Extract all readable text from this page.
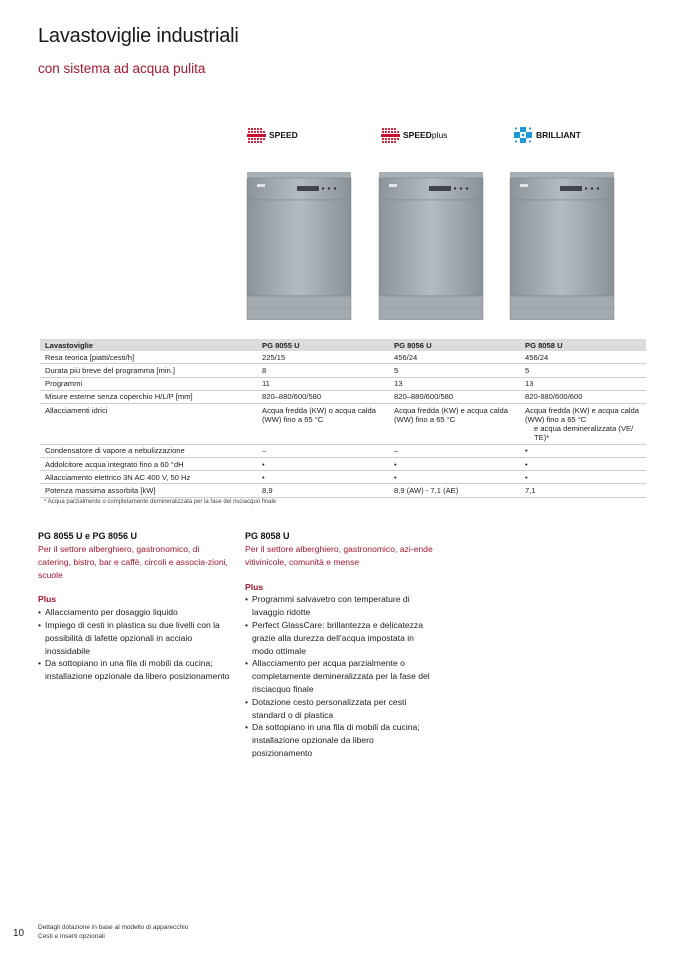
Lavastoviglie industriali
con sistema ad acqua pulita
SPEED	SPEED plus	BRILLIANT
Lavastoviglie	PG 8055 U	PG 8056 U	PG 8058 U
Resa teorica [piatti/cesti/h]	225/15	456/24	456/24
Durata più breve del programma [min.]	8	5	5
Programmi	11	13	13
Misure esterne senza coperchio H/L/P [mm]	820–880/600/580	820–880/600/580	820-880/600/600
Allacciamenti idrici	Acqua fredda (KW) o acqua calda (WW) fino a 65 °C	Acqua fredda (KW) e acqua calda (WW) fino a 65 °C	Acqua fredda (KW) e acqua calda (WW) fino a 65 °C
e acqua demineralizzata (VE/ TE)*

Condensatore di vapore a nebulizzazione	–	–	•
Addolcitore acqua integrato fino a 60 °dH	•	•	•
Allacciamento elettrico 3N AC 400 V, 50 Hz	•	•	•
Potenza massima assorbita [kW]	8,9	8,9 (AW) - 7,1 (AE)	7,1
* Acqua parzialmente o completamente demineralizzata per la fase del risciacquo finale
PG 8055 U e PG 8056 U

Per il settore alberghiero, gastronomico, di catering, bistro, bar e caffè, circoli e associa-zioni, scuole

Plus

• Allacciamento per dosaggio liquido
• Impiego di cesti in plastica su due livelli con la possibilità di lafette opzionali in acciaio inossidabile
• Da sottopiano in una fila di mobili da cucina; installazione opzionale da libero posizionamento
PG 8058 U

Per il settore alberghiero, gastronomico, azi-ende vitivinicole, comunità e mense

Plus

• Programmi salvavetro con temperature di lavaggio ridotte
• Perfect GlassCare: brillantezza e delicatezza grazie alla durezza dell’acqua impostata in modo ottimale
• Allacciamento per acqua parzialmente o completamente demineralizzata per la fase del risciacquo finale
• Dotazione cesto personalizzata per cesti standard o di plastica
• Da sottopiano in una fila di mobili da cucina; installazione opzionale da libero posizionamento
10
Dettagli dotazione in base al modello di apparecchio
Cesti e inserti opzionali
